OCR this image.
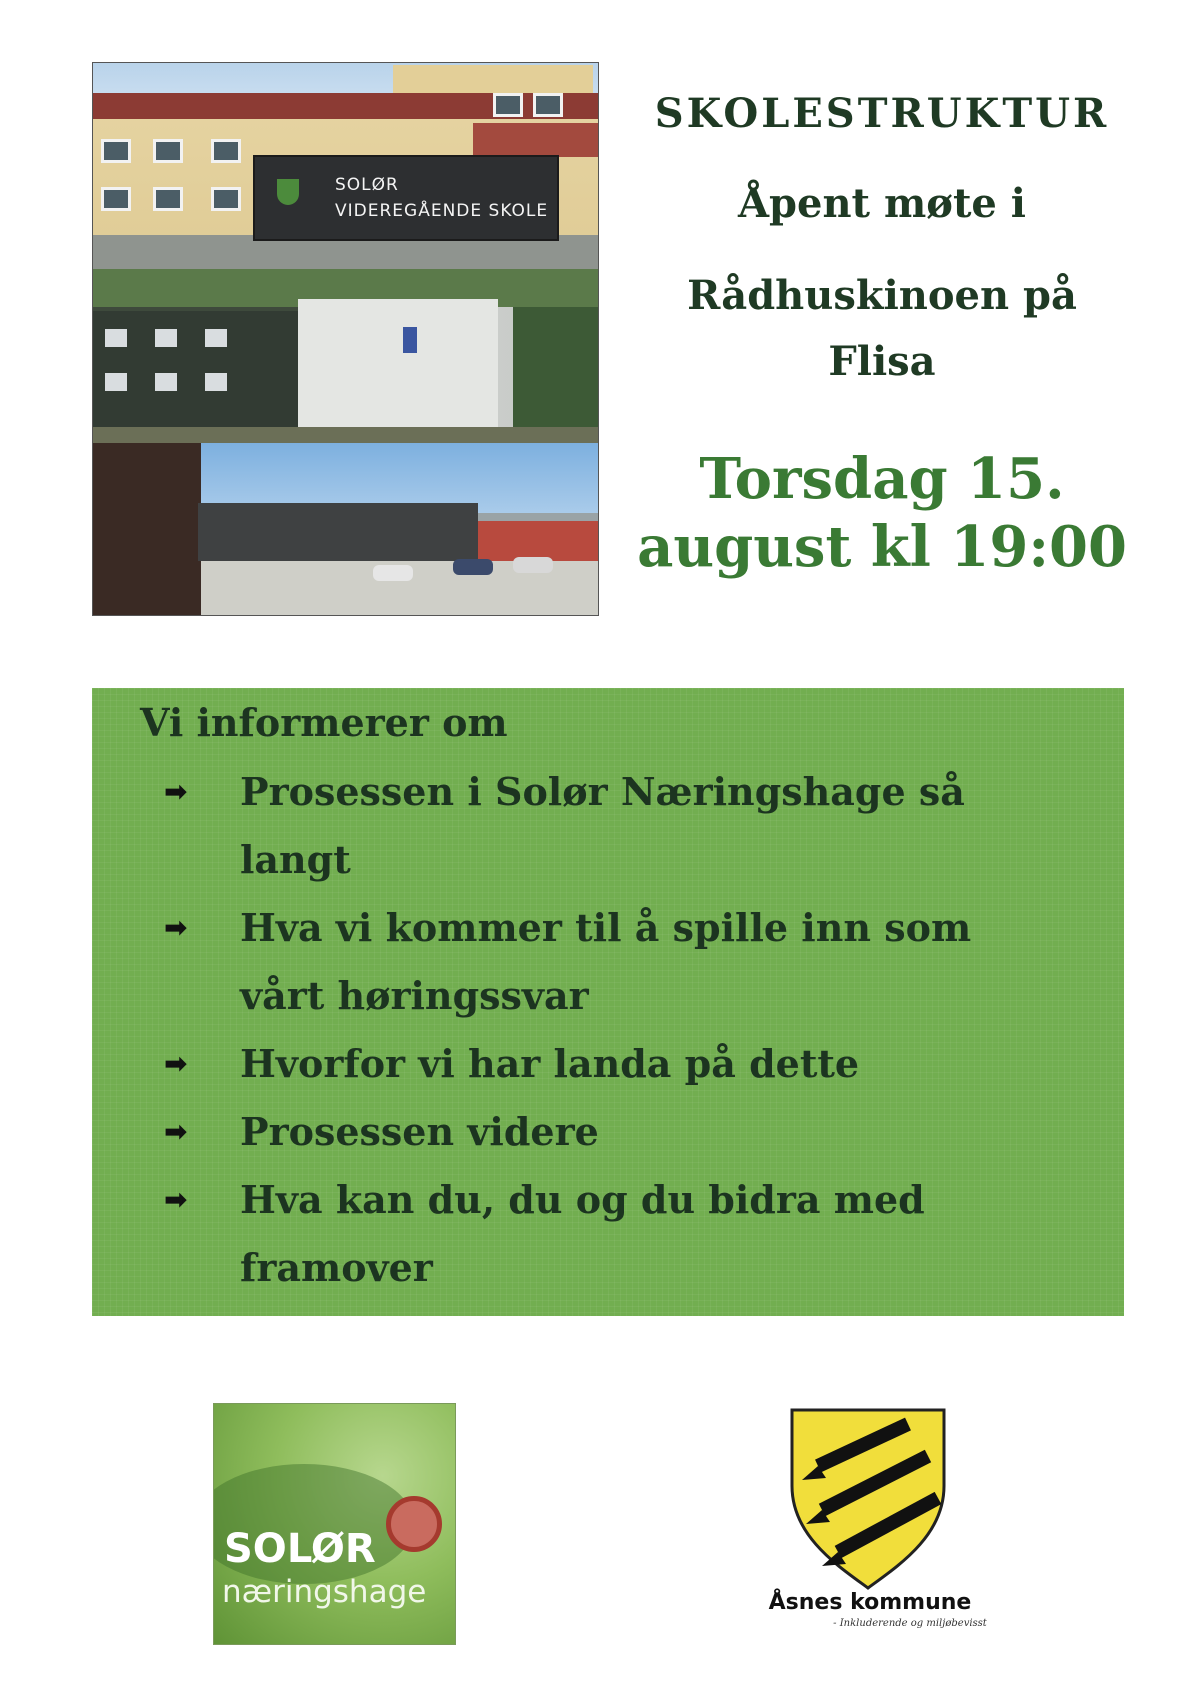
SOLØR
VIDEREGÅENDE SKOLE
SKOLESTRUKTUR
Åpent møte i
Rådhuskinoen på
Flisa
Torsdag 15.
august kl 19:00
Vi informerer om
➡ Prosessen i Solør Næringshage så
langt
➡ Hva vi kommer til å spille inn som
vårt høringssvar
➡ Hvorfor vi har landa på dette
➡ Prosessen videre
➡ Hva kan du, du og du bidra med
framover
SOLØR
næringshage	Åsnes kommune
- Inkluderende og miljøbevisst
